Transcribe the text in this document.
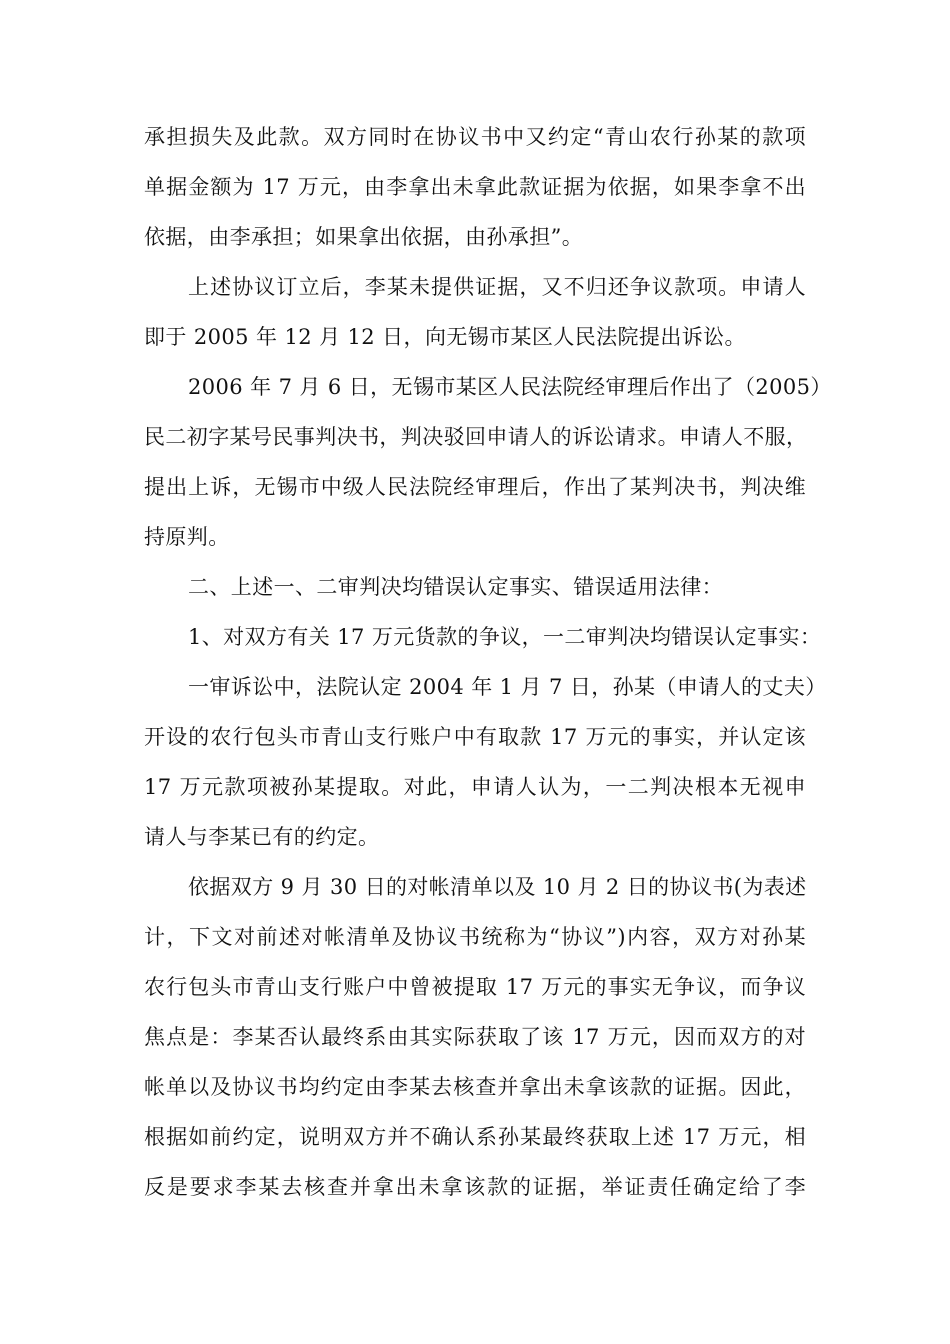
承担损失及此款。双方同时在协议书中又约定“青山农行孙某的款项
单据金额为 17 万元，由李拿出未拿此款证据为依据，如果李拿不出
依据，由李承担；如果拿出依据，由孙承担”。
上述协议订立后，李某未提供证据，又不归还争议款项。申请人
即于 2005 年 12 月 12 日，向无锡市某区人民法院提出诉讼。
2006 年 7 月 6 日，无锡市某区人民法院经审理后作出了（2005）
民二初字某号民事判决书，判决驳回申请人的诉讼请求。申请人不服，
提出上诉，无锡市中级人民法院经审理后，作出了某判决书，判决维
持原判。
二、上述一、二审判决均错误认定事实、错误适用法律：
1、对双方有关 17 万元货款的争议，一二审判决均错误认定事实：
一审诉讼中，法院认定 2004 年 1 月 7 日，孙某（申请人的丈夫）
开设的农行包头市青山支行账户中有取款 17 万元的事实，并认定该
17 万元款项被孙某提取。对此，申请人认为，一二判决根本无视申
请人与李某已有的约定。
依据双方 9 月 30 日的对帐清单以及 10 月 2 日的协议书(为表述
计，下文对前述对帐清单及协议书统称为“协议”)内容，双方对孙某
农行包头市青山支行账户中曾被提取 17 万元的事实无争议，而争议
焦点是：李某否认最终系由其实际获取了该 17 万元，因而双方的对
帐单以及协议书均约定由李某去核查并拿出未拿该款的证据。因此，
根据如前约定，说明双方并不确认系孙某最终获取上述 17 万元，相
反是要求李某去核查并拿出未拿该款的证据，举证责任确定给了李
